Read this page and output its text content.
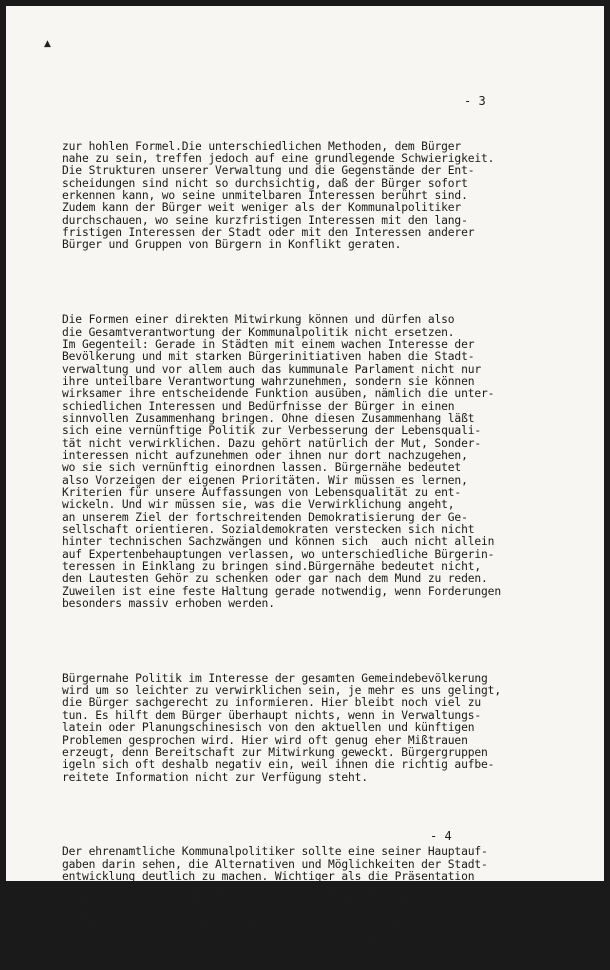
▲
- 3

zur hohlen Formel.Die unterschiedlichen Methoden, dem Bürger
nahe zu sein, treffen jedoch auf eine grundlegende Schwierigkeit.
Die Strukturen unserer Verwaltung und die Gegenstände der Ent-
scheidungen sind nicht so durchsichtig, daß der Bürger sofort
erkennen kann, wo seine unmitelbaren Interessen berührt sind.
Zudem kann der Bürger weit weniger als der Kommunalpolitiker
durchschauen, wo seine kurzfristigen Interessen mit den lang-
fristigen Interessen der Stadt oder mit den Interessen anderer
Bürger und Gruppen von Bürgern in Konflikt geraten.

Die Formen einer direkten Mitwirkung können und dürfen also
die Gesamtverantwortung der Kommunalpolitik nicht ersetzen.
Im Gegenteil: Gerade in Städten mit einem wachen Interesse der
Bevölkerung und mit starken Bürgerinitiativen haben die Stadt-
verwaltung und vor allem auch das kummunale Parlament nicht nur
ihre unteilbare Verantwortung wahrzunehmen, sondern sie können
wirksamer ihre entscheidende Funktion ausüben, nämlich die unter-
schiedlichen Interessen und Bedürfnisse der Bürger in einen
sinnvollen Zusammenhang bringen. Ohne diesen Zusammenhang läßt
sich eine vernünftige Politik zur Verbesserung der Lebensquali-
tät nicht verwirklichen. Dazu gehört natürlich der Mut, Sonder-
interessen nicht aufzunehmen oder ihnen nur dort nachzugehen,
wo sie sich vernünftig einordnen lassen. Bürgernähe bedeutet
also Vorzeigen der eigenen Prioritäten. Wir müssen es lernen,
Kriterien für unsere Auffassungen von Lebensqualität zu ent-
wickeln. Und wir müssen sie, was die Verwirklichung angeht,
an unserem Ziel der fortschreitenden Demokratisierung der Ge-
sellschaft orientieren. Sozialdemokraten verstecken sich nicht
hinter technischen Sachzwängen und können sich  auch nicht allein
auf Expertenbehauptungen verlassen, wo unterschiedliche Bürgerin-
teressen in Einklang zu bringen sind.Bürgernähe bedeutet nicht,
den Lautesten Gehör zu schenken oder gar nach dem Mund zu reden.
Zuweilen ist eine feste Haltung gerade notwendig, wenn Forderungen
besonders massiv erhoben werden.

Bürgernahe Politik im Interesse der gesamten Gemeindebevölkerung
wird um so leichter zu verwirklichen sein, je mehr es uns gelingt,
die Bürger sachgerecht zu informieren. Hier bleibt noch viel zu
tun. Es hilft dem Bürger überhaupt nichts, wenn in Verwaltungs-
latein oder Planungschinesisch von den aktuellen und künftigen
Problemen gesprochen wird. Hier wird oft genug eher Mißtrauen
erzeugt, denn Bereitschaft zur Mitwirkung geweckt. Bürgergruppen
igeln sich oft deshalb negativ ein, weil ihnen die richtig aufbe-
reitete Information nicht zur Verfügung steht.

Der ehrenamtliche Kommunalpolitiker sollte eine seiner Hauptauf-
gaben darin sehen, die Alternativen und Möglichkeiten der Stadt-
entwicklung deutlich zu machen. Wichtiger als die Präsentation
vorgefertigter Politik ist ein Wechselspiel der Verständigung
über Interessen und Bedürfnisse, über technische und finanzielle
Möglichkeiten. Das alles ist nicht bequem. Meine Auffassung ist be-
kannt: Der Bürgerstaat, der demokratische Staat ist nie bequem!
Das gilt erst recht für eine demokratische, bürgernahe Kommunal-

- 4
